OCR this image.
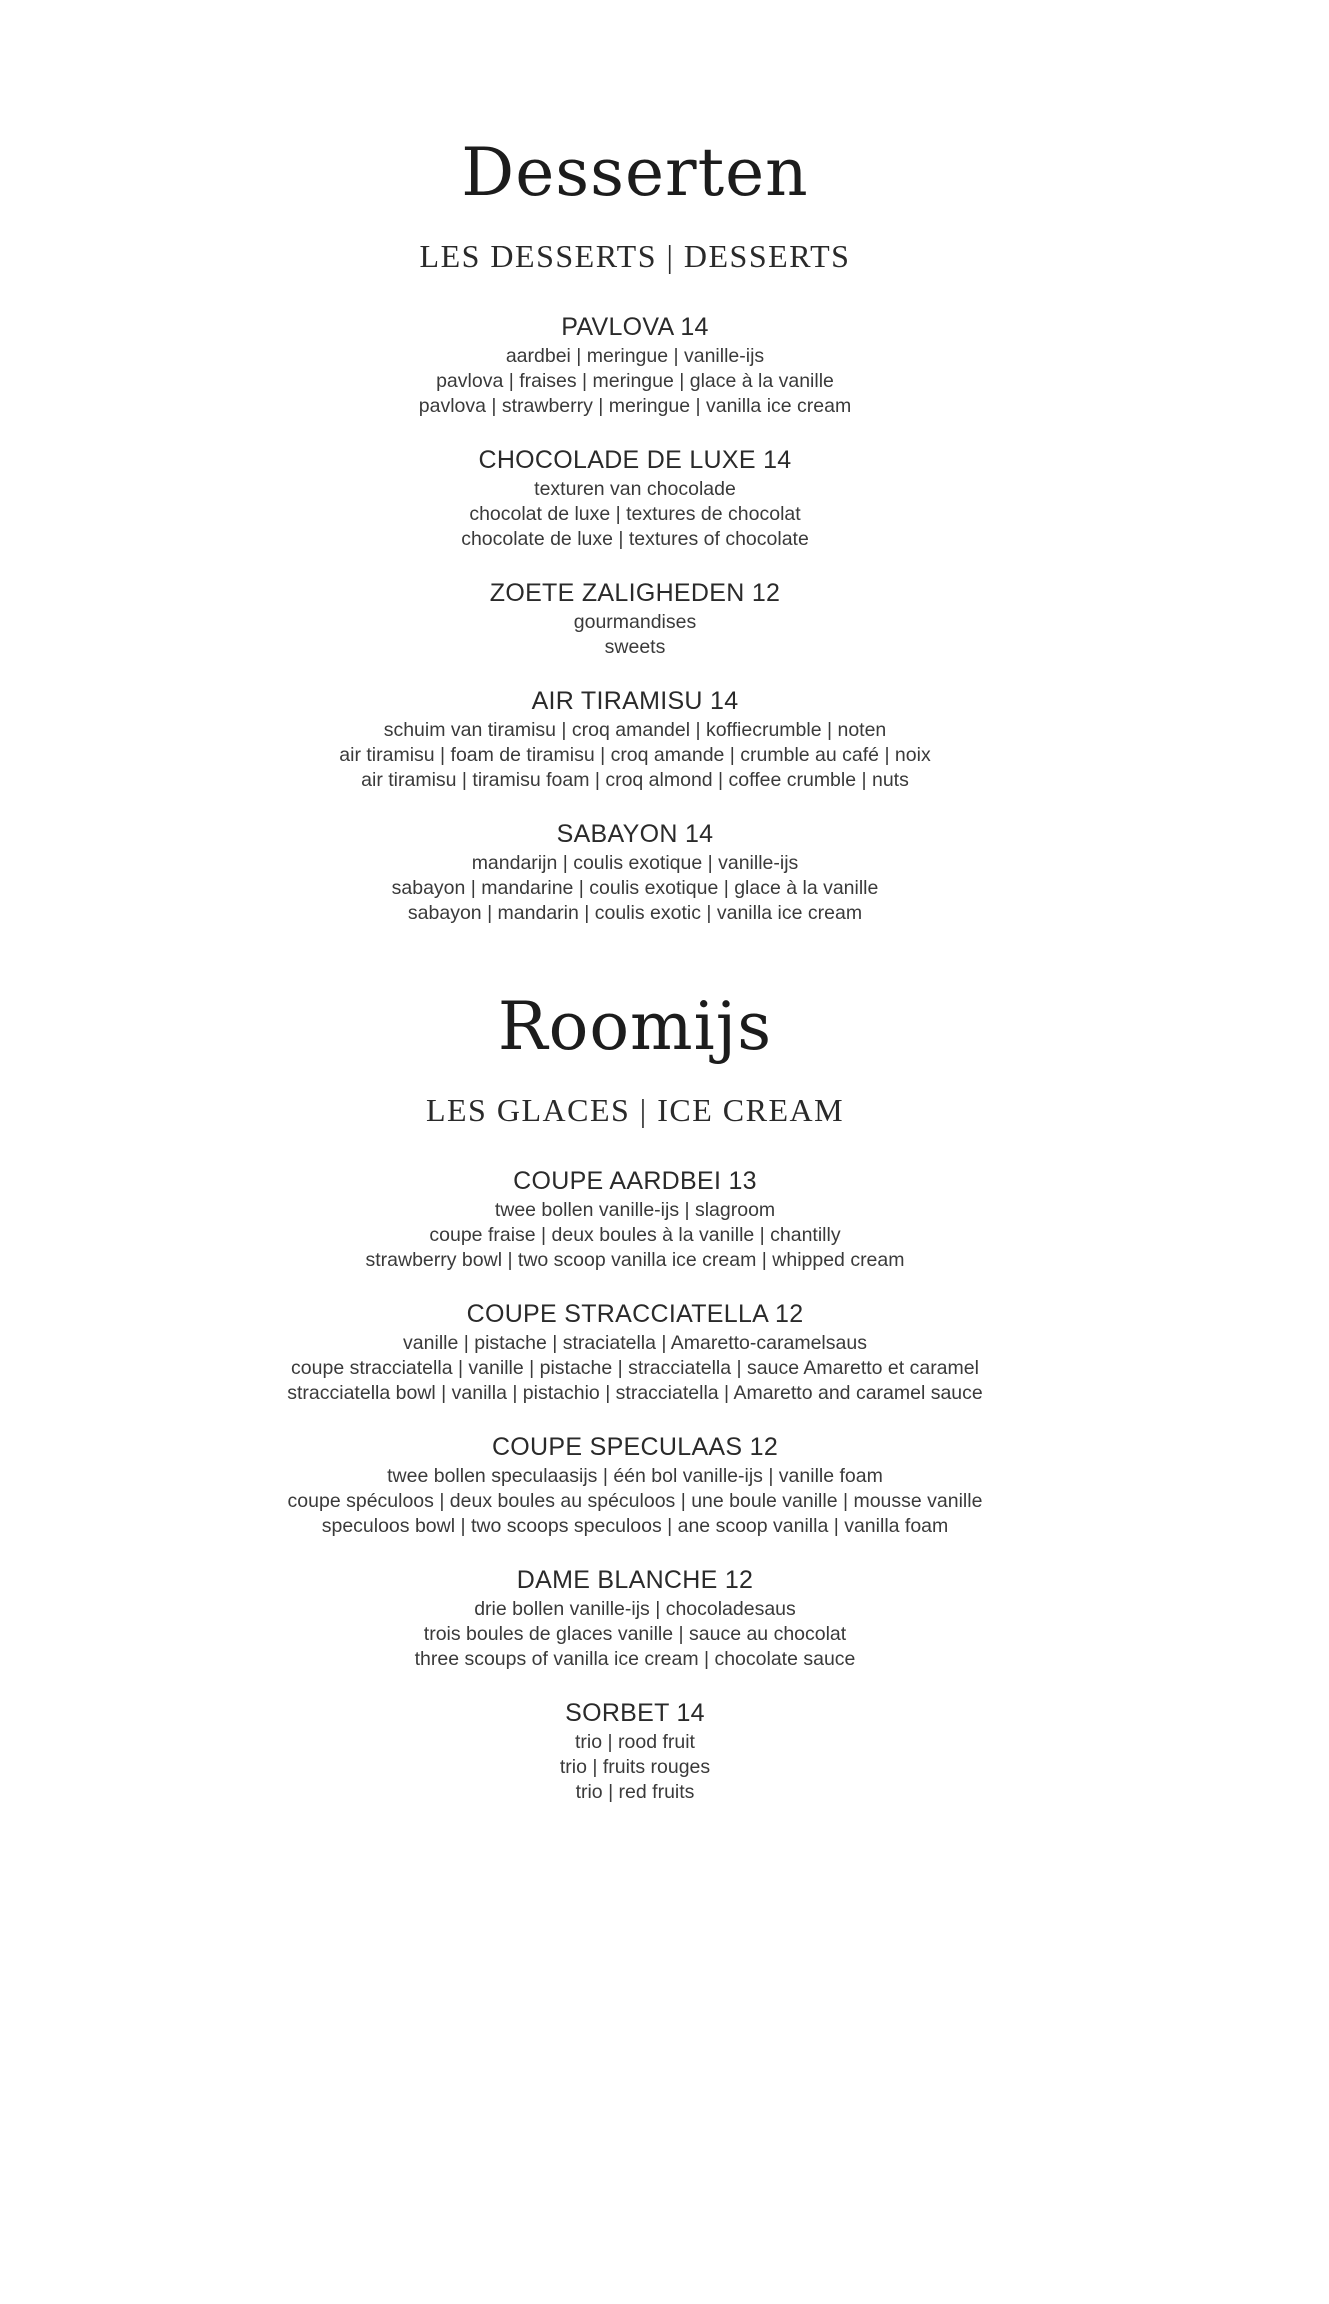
Desserten
LES DESSERTS | DESSERTS
PAVLOVA 14
aardbei | meringue | vanille-ijs
pavlova | fraises | meringue | glace à la vanille
pavlova | strawberry | meringue | vanilla ice cream
CHOCOLADE DE LUXE 14
texturen van chocolade
chocolat de luxe | textures de chocolat
chocolate de luxe | textures of chocolate
ZOETE ZALIGHEDEN 12
gourmandises
sweets
AIR TIRAMISU 14
schuim van tiramisu | croq amandel | koffiecrumble | noten
air tiramisu | foam de tiramisu | croq amande | crumble au café | noix
air tiramisu | tiramisu foam | croq almond | coffee crumble | nuts
SABAYON 14
mandarijn | coulis exotique | vanille-ijs
sabayon | mandarine | coulis exotique | glace à la vanille
sabayon | mandarin | coulis exotic | vanilla ice cream
Roomijs
LES GLACES | ICE CREAM
COUPE AARDBEI 13
twee bollen vanille-ijs | slagroom
coupe fraise | deux boules à la vanille | chantilly
strawberry bowl | two scoop vanilla ice cream | whipped cream
COUPE STRACCIATELLA 12
vanille | pistache | straciatella | Amaretto-caramelsaus
coupe stracciatella | vanille | pistache | stracciatella | sauce Amaretto et caramel
stracciatella bowl | vanilla | pistachio | stracciatella | Amaretto and caramel sauce
COUPE SPECULAAS 12
twee bollen speculaasijs | één bol vanille-ijs | vanille foam
coupe spéculoos | deux boules au spéculoos | une boule vanille | mousse vanille
speculoos bowl | two scoops speculoos | ane scoop vanilla | vanilla foam
DAME BLANCHE 12
drie bollen vanille-ijs | chocoladesaus
trois boules de glaces vanille | sauce au chocolat
three scoups of vanilla ice cream | chocolate sauce
SORBET 14
trio | rood fruit
trio | fruits rouges
trio | red fruits
